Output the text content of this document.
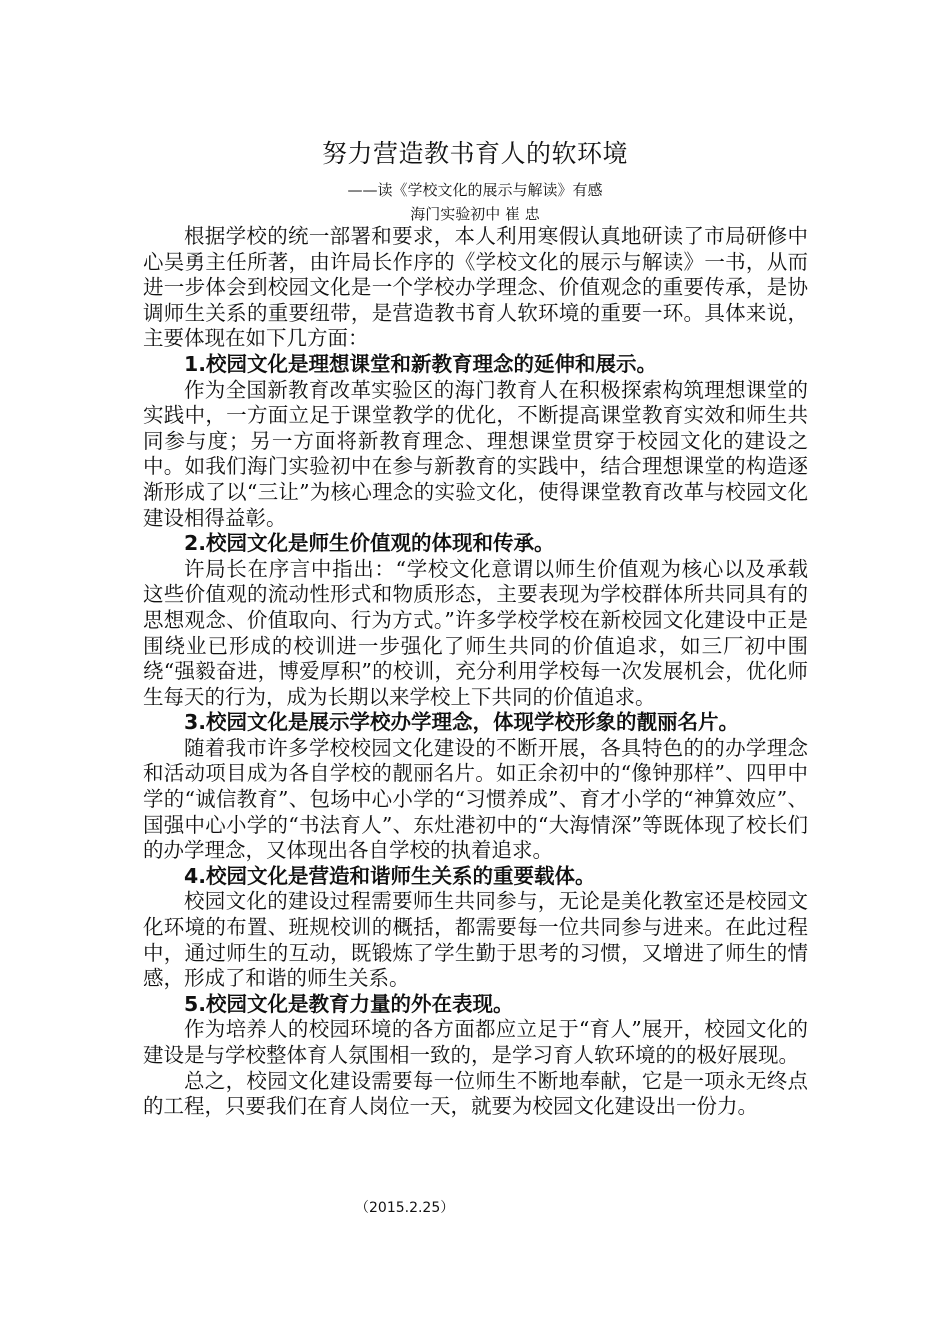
努力营造教书育人的软环境
——读《学校文化的展示与解读》有感
海门实验初中 崔 忠

根据学校的统一部署和要求，本人利用寒假认真地研读了市局研修中心吴勇主任所著，由许局长作序的《学校文化的展示与解读》一书，从而进一步体会到校园文化是一个学校办学理念、价值观念的重要传承，是协调师生关系的重要纽带，是营造教书育人软环境的重要一环。具体来说，主要体现在如下几方面：

1.校园文化是理想课堂和新教育理念的延伸和展示。

作为全国新教育改革实验区的海门教育人在积极探索构筑理想课堂的实践中，一方面立足于课堂教学的优化，不断提高课堂教育实效和师生共同参与度；另一方面将新教育理念、理想课堂贯穿于校园文化的建设之中。如我们海门实验初中在参与新教育的实践中，结合理想课堂的构造逐渐形成了以“三让”为核心理念的实验文化，使得课堂教育改革与校园文化建设相得益彰。

2.校园文化是师生价值观的体现和传承。

许局长在序言中指出：“学校文化意谓以师生价值观为核心以及承载这些价值观的流动性形式和物质形态，主要表现为学校群体所共同具有的思想观念、价值取向、行为方式。”许多学校学校在新校园文化建设中正是围绕业已形成的校训进一步强化了师生共同的价值追求，如三厂初中围绕“强毅奋进，博爱厚积”的校训，充分利用学校每一次发展机会，优化师生每天的行为，成为长期以来学校上下共同的价值追求。

3.校园文化是展示学校办学理念，体现学校形象的靓丽名片。

随着我市许多学校校园文化建设的不断开展，各具特色的的办学理念和活动项目成为各自学校的靓丽名片。如正余初中的“像钟那样”、四甲中学的“诚信教育”、包场中心小学的“习惯养成”、育才小学的“神算效应”、国强中心小学的“书法育人”、东灶港初中的“大海情深”等既体现了校长们的办学理念，又体现出各自学校的执着追求。

4.校园文化是营造和谐师生关系的重要载体。

校园文化的建设过程需要师生共同参与，无论是美化教室还是校园文化环境的布置、班规校训的概括，都需要每一位共同参与进来。在此过程中，通过师生的互动，既锻炼了学生勤于思考的习惯，又增进了师生的情感，形成了和谐的师生关系。

5.校园文化是教育力量的外在表现。

作为培养人的校园环境的各方面都应立足于“育人”展开，校园文化的建设是与学校整体育人氛围相一致的，是学习育人软环境的的极好展现。

总之，校园文化建设需要每一位师生不断地奉献，它是一项永无终点的工程，只要我们在育人岗位一天，就要为校园文化建设出一份力。

（2015.2.25）
